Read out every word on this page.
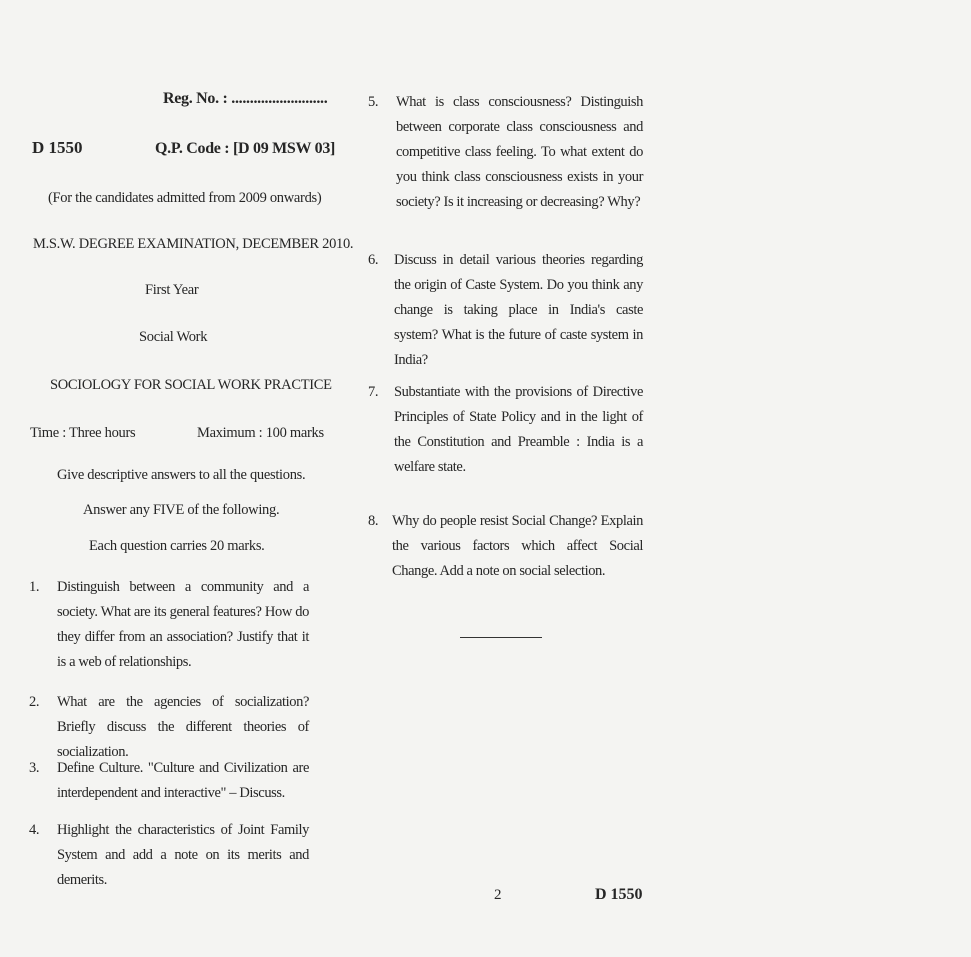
Reg. No. : ..........................
D 1550	Q.P. Code : [D 09 MSW 03]
(For the candidates admitted from 2009 onwards)
M.S.W. DEGREE EXAMINATION, DECEMBER 2010.
First Year
Social Work
SOCIOLOGY FOR SOCIAL WORK PRACTICE
Time : Three hours	Maximum : 100 marks
Give descriptive answers to all the questions.
Answer any FIVE of the following.
Each question carries 20 marks.
1. Distinguish between a community and a society. What are its general features? How do they differ from an association? Justify that it is a web of relationships.
2. What are the agencies of socialization? Briefly discuss the different theories of socialization.
3. Define Culture. "Culture and Civilization are interdependent and interactive" – Discuss.
4. Highlight the characteristics of Joint Family System and add a note on its merits and demerits.
5. What is class consciousness? Distinguish between corporate class consciousness and competitive class feeling. To what extent do you think class consciousness exists in your society? Is it increasing or decreasing? Why?
6. Discuss in detail various theories regarding the origin of Caste System. Do you think any change is taking place in India's caste system? What is the future of caste system in India?
7. Substantiate with the provisions of Directive Principles of State Policy and in the light of the Constitution and Preamble : India is a welfare state.
8. Why do people resist Social Change? Explain the various factors which affect Social Change. Add a note on social selection.
2	D 1550
